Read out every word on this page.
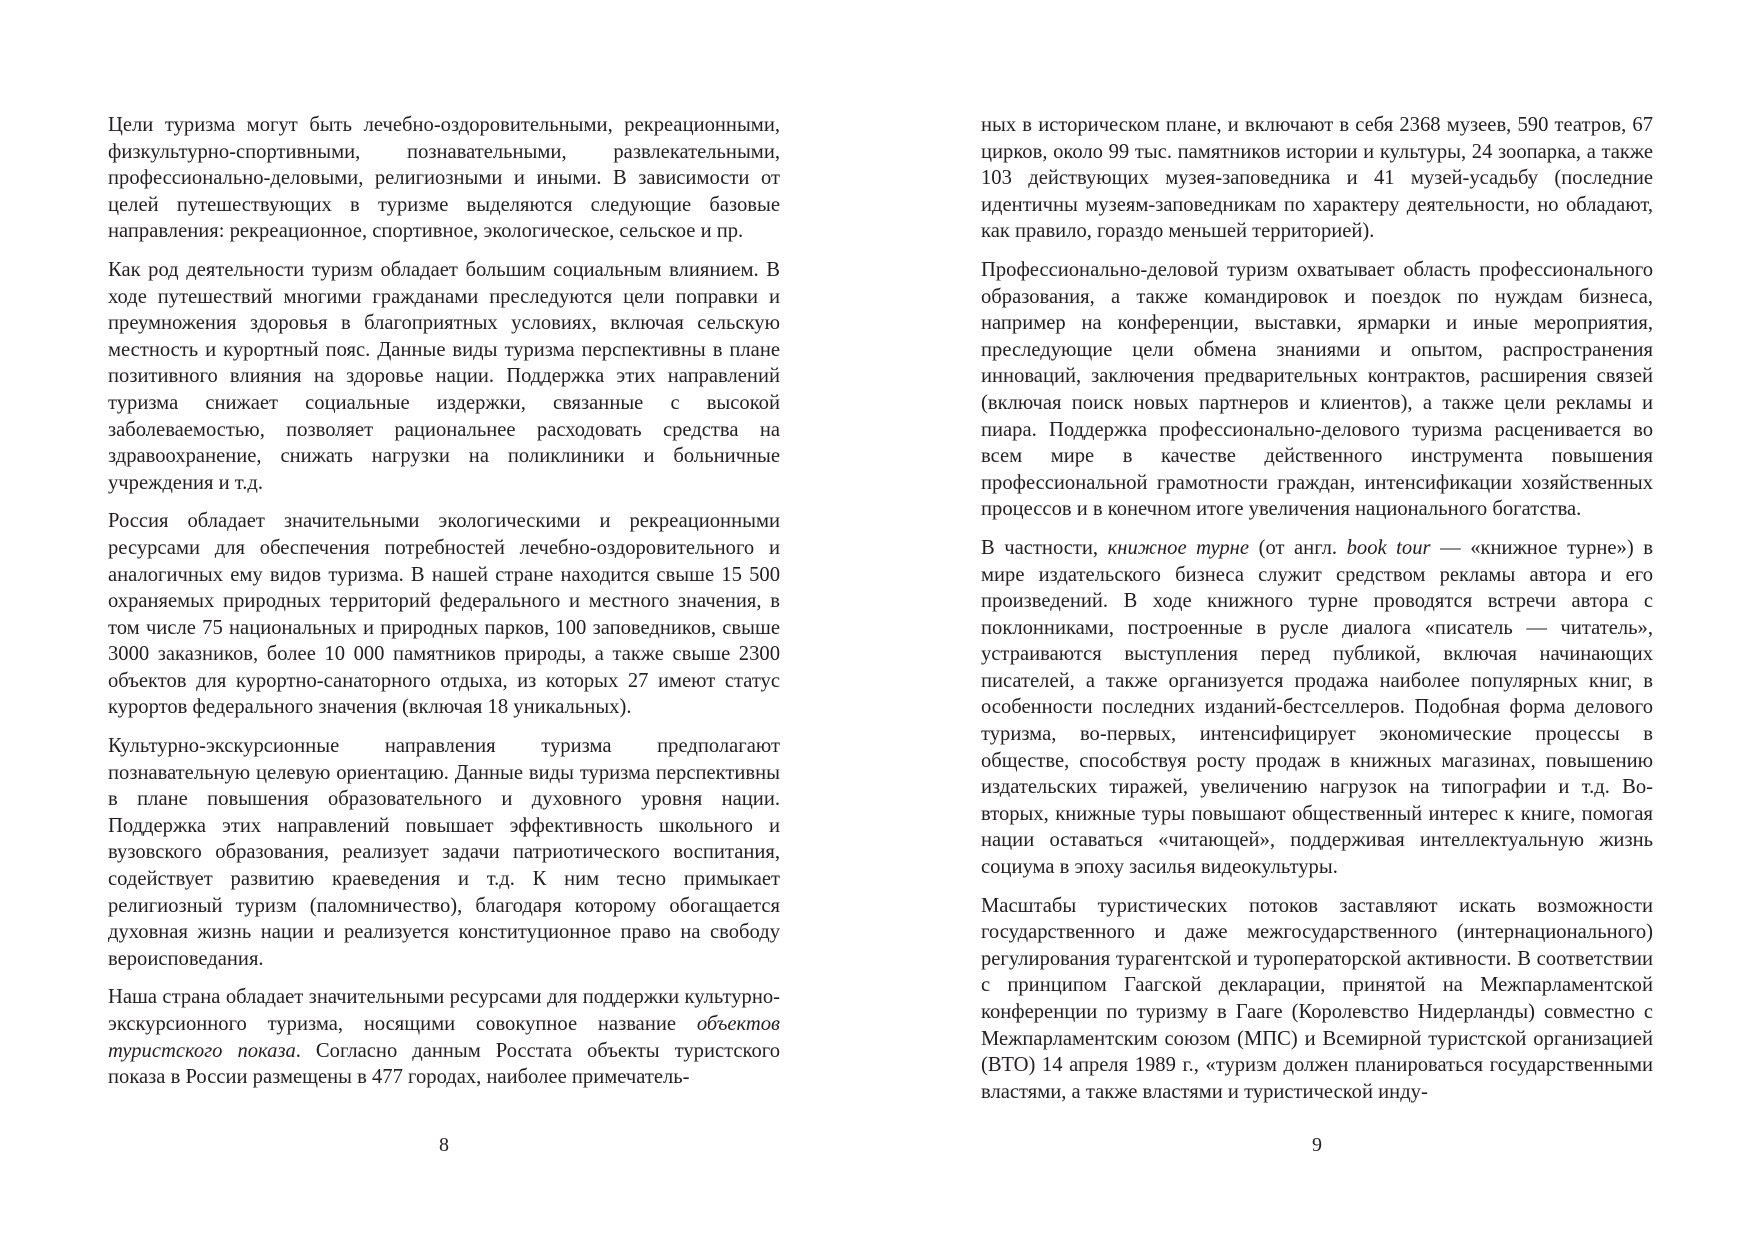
Цели туризма могут быть лечебно-оздоровительными, рекреационными, физкультурно-спортивными, познавательными, развлекательными, профессионально-деловыми, религиозными и иными. В зависимости от целей путешествующих в туризме выделяются следующие базовые направления: рекреационное, спортивное, экологическое, сельское и пр.

Как род деятельности туризм обладает большим социальным влиянием. В ходе путешествий многими гражданами преследуются цели поправки и преумножения здоровья в благоприятных условиях, включая сельскую местность и курортный пояс. Данные виды туризма перспективны в плане позитивного влияния на здоровье нации. Поддержка этих направлений туризма снижает социальные издержки, связанные с высокой заболеваемостью, позволяет рациональнее расходовать средства на здравоохранение, снижать нагрузки на поликлиники и больничные учреждения и т.д.

Россия обладает значительными экологическими и рекреационными ресурсами для обеспечения потребностей лечебно-оздоровительного и аналогичных ему видов туризма. В нашей стране находится свыше 15 500 охраняемых природных территорий федерального и местного значения, в том числе 75 национальных и природных парков, 100 заповедников, свыше 3000 заказников, более 10 000 памятников природы, а также свыше 2300 объектов для курортно-санаторного отдыха, из которых 27 имеют статус курортов федерального значения (включая 18 уникальных).

Культурно-экскурсионные направления туризма предполагают познавательную целевую ориентацию. Данные виды туризма перспективны в плане повышения образовательного и духовного уровня нации. Поддержка этих направлений повышает эффективность школьного и вузовского образования, реализует задачи патриотического воспитания, содействует развитию краеведения и т.д. К ним тесно примыкает религиозный туризм (паломничество), благодаря которому обогащается духовная жизнь нации и реализуется конституционное право на свободу вероисповедания.

Наша страна обладает значительными ресурсами для поддержки культурно-экскурсионного туризма, носящими совокупное название объектов туристского показа. Согласно данным Росстата объекты туристского показа в России размещены в 477 городах, наиболее примечатель-

8

ных в историческом плане, и включают в себя 2368 музеев, 590 театров, 67 цирков, около 99 тыс. памятников истории и культуры, 24 зоопарка, а также 103 действующих музея-заповедника и 41 музей-усадьбу (последние идентичны музеям-заповедникам по характеру деятельности, но обладают, как правило, гораздо меньшей территорией).

Профессионально-деловой туризм охватывает область профессионального образования, а также командировок и поездок по нуждам бизнеса, например на конференции, выставки, ярмарки и иные мероприятия, преследующие цели обмена знаниями и опытом, распространения инноваций, заключения предварительных контрактов, расширения связей (включая поиск новых партнеров и клиентов), а также цели рекламы и пиара. Поддержка профессионально-делового туризма расценивается во всем мире в качестве действенного инструмента повышения профессиональной грамотности граждан, интенсификации хозяйственных процессов и в конечном итоге увеличения национального богатства.

В частности, книжное турне (от англ. book tour — «книжное турне») в мире издательского бизнеса служит средством рекламы автора и его произведений. В ходе книжного турне проводятся встречи автора с поклонниками, построенные в русле диалога «писатель — читатель», устраиваются выступления перед публикой, включая начинающих писателей, а также организуется продажа наиболее популярных книг, в особенности последних изданий-бестселлеров. Подобная форма делового туризма, во-первых, интенсифицирует экономические процессы в обществе, способствуя росту продаж в книжных магазинах, повышению издательских тиражей, увеличению нагрузок на типографии и т.д. Во-вторых, книжные туры повышают общественный интерес к книге, помогая нации оставаться «читающей», поддерживая интеллектуальную жизнь социума в эпоху засилья видеокультуры.

Масштабы туристических потоков заставляют искать возможности государственного и даже межгосударственного (интернационального) регулирования турагентской и туроператорской активности. В соответствии с принципом Гаагской декларации, принятой на Межпарламентской конференции по туризму в Гааге (Королевство Нидерланды) совместно с Межпарламентским союзом (МПС) и Всемирной туристской организацией (ВТО) 14 апреля 1989 г., «туризм должен планироваться государственными властями, а также властями и туристической инду-

9
